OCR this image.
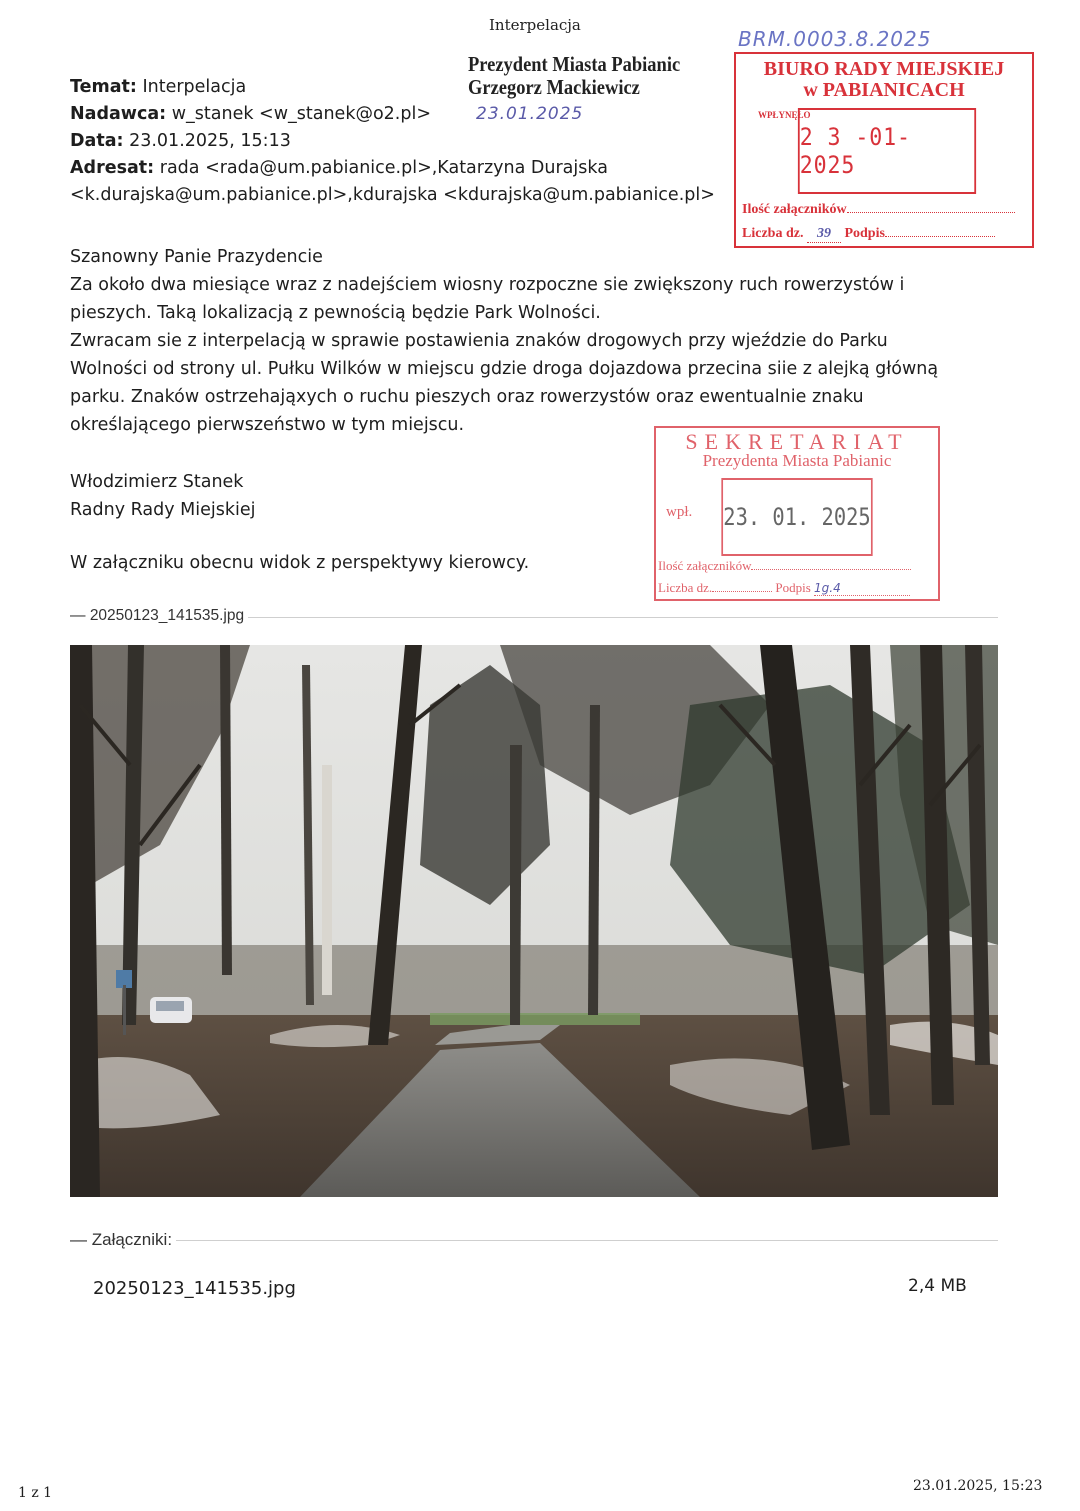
Interpelacja
Prezydent Miasta Pabianic
Grzegorz Mackiewicz
23.01.2025
BRM.0003.8.2025
BIURO RADY MIEJSKIEJ
w PABIANICACH
WPŁYNĘŁO
2 3 -01- 2025
Ilość załączników
Liczba dz. 39 Podpis
Temat: Interpelacja
Nadawca: w_stanek <w_stanek@o2.pl>
Data: 23.01.2025, 15:13
Adresat: rada <rada@um.pabianice.pl>,Katarzyna Durajska
<k.durajska@um.pabianice.pl>,kdurajska <kdurajska@um.pabianice.pl>

Szanowny Panie Prazydencie

Za około dwa miesiące wraz z nadejściem wiosny rozpoczne sie zwiększony ruch rowerzystów i

pieszych. Taką lokalizacją z pewnością będzie Park Wolności.

Zwracam sie z interpelacją w sprawie postawienia znaków drogowych przy wjeździe do Parku

Wolności od strony ul. Pułku Wilków w miejscu gdzie droga dojazdowa przecina siie z alejką główną

parku. Znaków ostrzehająxych o ruchu pieszych oraz rowerzystów oraz ewentualnie znaku

określającego pierwszeństwo w tym miejscu.

SEKRETARIAT
Prezydenta Miasta Pabianic
wpł. 23. 01. 2025
Ilość załączników
Liczba dz.	Podpis 1g.4
Włodzimierz Stanek
Radny Rady Miejskiej
W załączniku obecnu widok z perspektywy kierowcy.
— 20250123_141535.jpg
— Załączniki:
20250123_141535.jpg	2,4 MB
1 z 1	23.01.2025, 15:23
